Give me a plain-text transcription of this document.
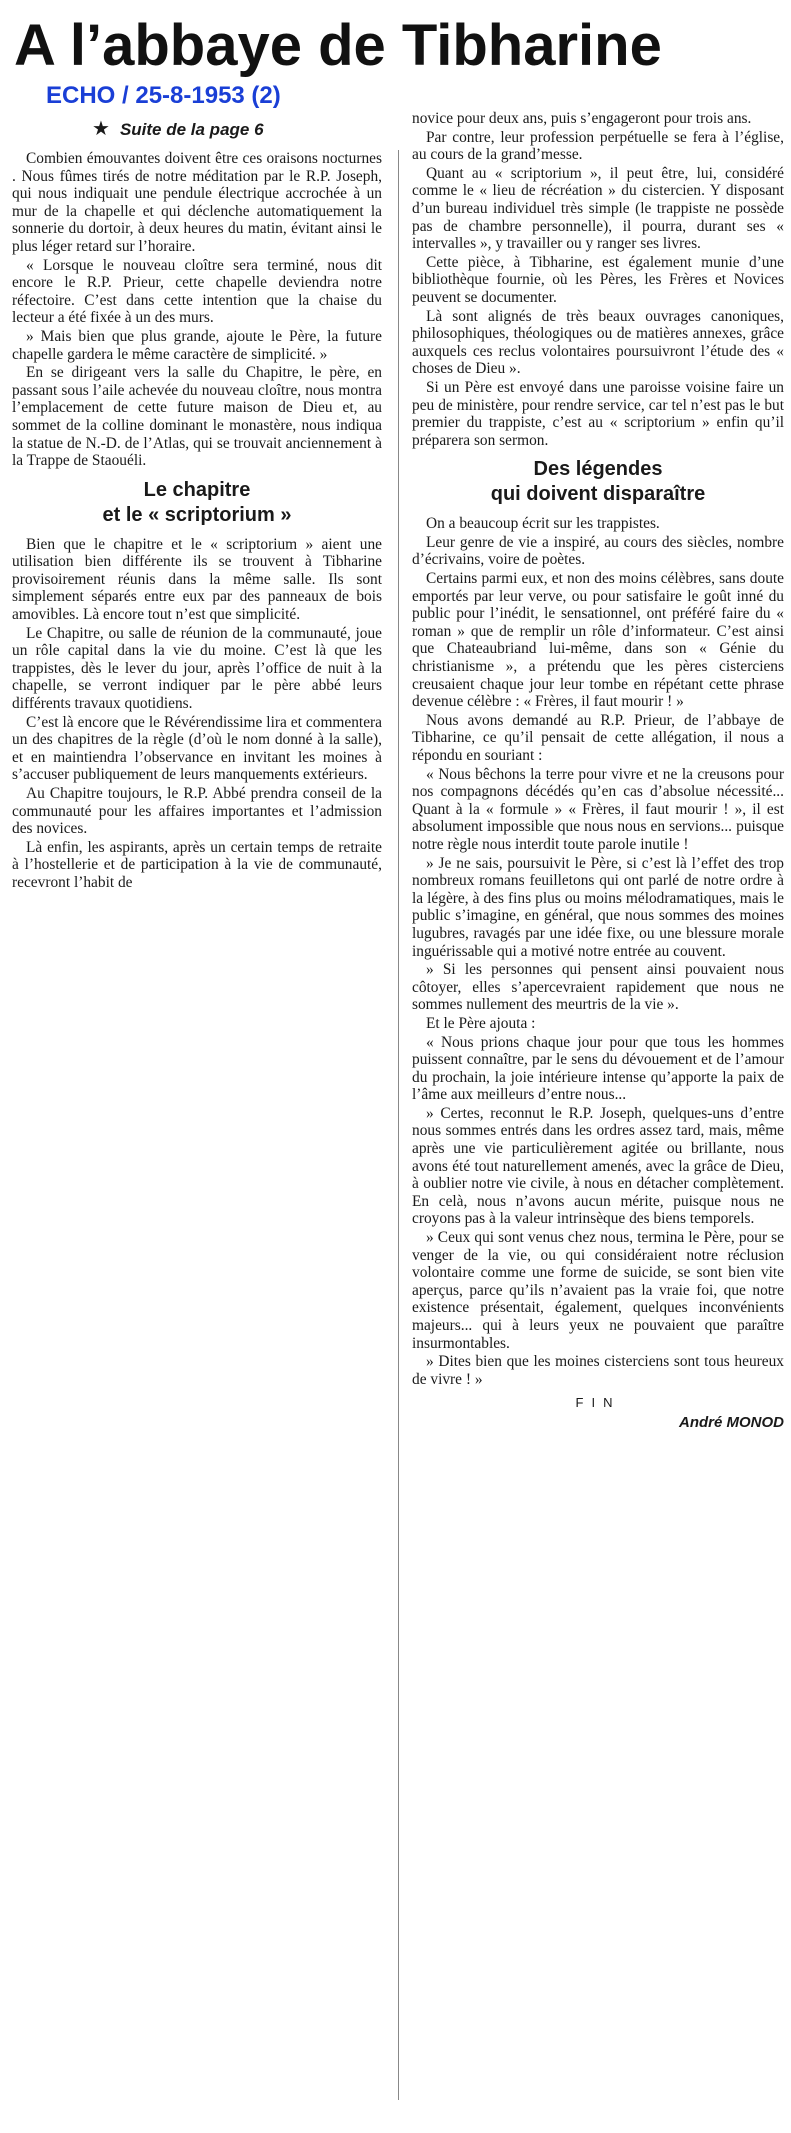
A l’abbaye de Tibharine
ECHO / 25-8-1953 (2)
★ Suite de la page 6

Combien émouvantes doivent être ces oraisons nocturnes . Nous fûmes tirés de notre méditation par le R.P. Joseph, qui nous indiquait une pendule électrique accrochée à un mur de la chapelle et qui déclenche automatiquement la sonnerie du dortoir, à deux heures du matin, évitant ainsi le plus léger retard sur l’horaire.

« Lorsque le nouveau cloître sera terminé, nous dit encore le R.P. Prieur, cette chapelle deviendra notre réfectoire. C’est dans cette intention que la chaise du lecteur a été fixée à un des murs.

» Mais bien que plus grande, ajoute le Père, la future chapelle gardera le même caractère de simplicité. »

En se dirigeant vers la salle du Chapitre, le père, en passant sous l’aile achevée du nouveau cloître, nous montra l’emplacement de cette future maison de Dieu et, au sommet de la colline dominant le monastère, nous indiqua la statue de N.-D. de l’Atlas, qui se trouvait anciennement à la Trappe de Staouéli.

Le chapitre
et le « scriptorium »

Bien que le chapitre et le « scriptorium » aient une utilisation bien différente ils se trouvent à Tibharine provisoirement réunis dans la même salle. Ils sont simplement séparés entre eux par des panneaux de bois amovibles. Là encore tout n’est que simplicité.

Le Chapitre, ou salle de réunion de la communauté, joue un rôle capital dans la vie du moine. C’est là que les trappistes, dès le lever du jour, après l’office de nuit à la chapelle, se verront indiquer par le père abbé leurs différents travaux quotidiens.

C’est là encore que le Révérendissime lira et commentera un des chapitres de la règle (d’où le nom donné à la salle), et en maintiendra l’observance en invitant les moines à s’accuser publiquement de leurs manquements extérieurs.

Au Chapitre toujours, le R.P. Abbé prendra conseil de la communauté pour les affaires importantes et l’admission des novices.

Là enfin, les aspirants, après un certain temps de retraite à l’hostellerie et de participation à la vie de communauté, recevront l’habit de

novice pour deux ans, puis s’engageront pour trois ans.

Par contre, leur profession perpétuelle se fera à l’église, au cours de la grand’messe.

Quant au « scriptorium », il peut être, lui, considéré comme le « lieu de récréation » du cistercien. Y disposant d’un bureau individuel très simple (le trappiste ne possède pas de chambre personnelle), il pourra, durant ses « intervalles », y travailler ou y ranger ses livres.

Cette pièce, à Tibharine, est également munie d’une bibliothèque fournie, où les Pères, les Frères et Novices peuvent se documenter.

Là sont alignés de très beaux ouvrages canoniques, philosophiques, théologiques ou de matières annexes, grâce auxquels ces reclus volontaires poursuivront l’étude des « choses de Dieu ».

Si un Père est envoyé dans une paroisse voisine faire un peu de ministère, pour rendre service, car tel n’est pas le but premier du trappiste, c’est au « scriptorium » enfin qu’il préparera son sermon.

Des légendes
qui doivent disparaître

On a beaucoup écrit sur les trappistes.

Leur genre de vie a inspiré, au cours des siècles, nombre d’écrivains, voire de poètes.

Certains parmi eux, et non des moins célèbres, sans doute emportés par leur verve, ou pour satisfaire le goût inné du public pour l’inédit, le sensationnel, ont préféré faire du « roman » que de remplir un rôle d’informateur. C’est ainsi que Chateaubriand lui-même, dans son « Génie du christianisme », a prétendu que les pères cisterciens creusaient chaque jour leur tombe en répétant cette phrase devenue célèbre : « Frères, il faut mourir ! »

Nous avons demandé au R.P. Prieur, de l’abbaye de Tibharine, ce qu’il pensait de cette allégation, il nous a répondu en souriant :

« Nous bêchons la terre pour vivre et ne la creusons pour nos compagnons décédés qu’en cas d’absolue nécessité... Quant à la « formule » « Frères, il faut mourir ! », il est absolument impossible que nous nous en servions... puisque notre règle nous interdit toute parole inutile !

» Je ne sais, poursuivit le Père, si c’est là l’effet des trop nombreux romans feuilletons qui ont parlé de notre ordre à la légère, à des fins plus ou moins mélodramatiques, mais le public s’imagine, en général, que nous sommes des moines lugubres, ravagés par une idée fixe, ou une blessure morale inguérissable qui a motivé notre entrée au couvent.

» Si les personnes qui pensent ainsi pouvaient nous côtoyer, elles s’apercevraient rapidement que nous ne sommes nullement des meurtris de la vie ».

Et le Père ajouta :

« Nous prions chaque jour pour que tous les hommes puissent connaître, par le sens du dévouement et de l’amour du prochain, la joie intérieure intense qu’apporte la paix de l’âme aux meilleurs d’entre nous...

» Certes, reconnut le R.P. Joseph, quelques-uns d’entre nous sommes entrés dans les ordres assez tard, mais, même après une vie particulièrement agitée ou brillante, nous avons été tout naturellement amenés, avec la grâce de Dieu, à oublier notre vie civile, à nous en détacher complètement. En celà, nous n’avons aucun mérite, puisque nous ne croyons pas à la valeur intrinsèque des biens temporels.

» Ceux qui sont venus chez nous, termina le Père, pour se venger de la vie, ou qui considéraient notre réclusion volontaire comme une forme de suicide, se sont bien vite aperçus, parce qu’ils n’avaient pas la vraie foi, que notre existence présentait, également, quelques inconvénients majeurs... qui à leurs yeux ne pouvaient que paraître insurmontables.

» Dites bien que les moines cisterciens sont tous heureux de vivre ! »

FIN
André MONOD
